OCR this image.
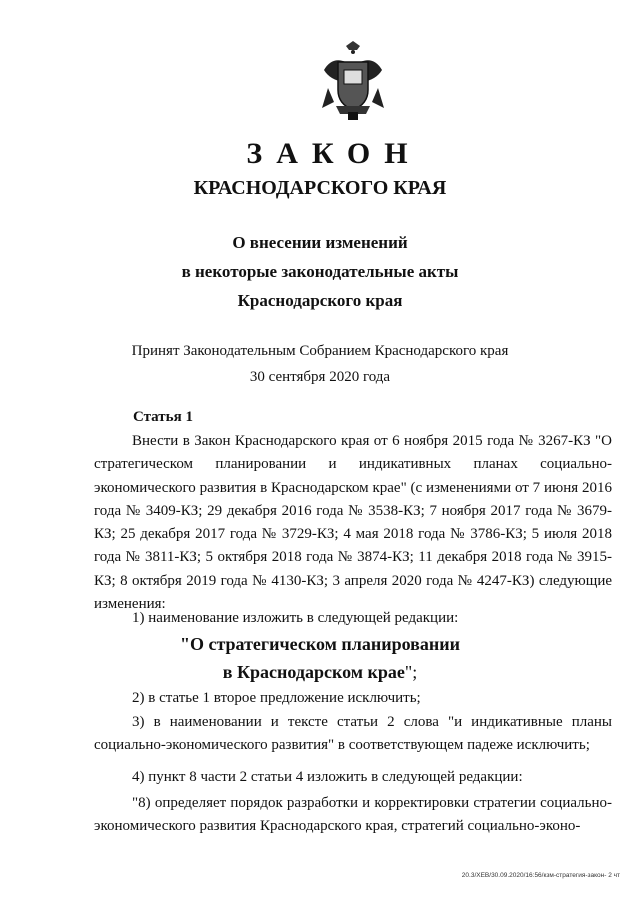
ЗАКОН
КРАСНОДАРСКОГО КРАЯ
О внесении изменений
в некоторые законодательные акты
Краснодарского края
Принят Законодательным Собранием Краснодарского края
30 сентября 2020 года
Статья 1

Внести в Закон Краснодарского края от 6 ноября 2015 года № 3267-КЗ "О стратегическом планировании и индикативных планах социально-экономического развития в Краснодарском крае" (с изменениями от 7 июня 2016 года № 3409-КЗ; 29 декабря 2016 года № 3538-КЗ; 7 ноября 2017 года № 3679-КЗ; 25 декабря 2017 года № 3729-КЗ; 4 мая 2018 года № 3786-КЗ; 5 июля 2018 года № 3811-КЗ; 5 октября 2018 года № 3874-КЗ; 11 декабря 2018 года № 3915-КЗ; 8 октября 2019 года № 4130-КЗ; 3 апреля 2020 года № 4247-КЗ) следующие изменения:

1) наименование изложить в следующей редакции:
"О стратегическом планировании
в Краснодарском крае";
2) в статье 1 второе предложение исключить;

3) в наименовании и тексте статьи 2 слова "и индикативные планы социально-экономического развития" в соответствующем падеже исключить;

4) пункт 8 части 2 статьи 4 изложить в следующей редакции:

"8) определяет порядок разработки и корректировки стратегии социально-экономического развития Краснодарского края, стратегий социально-эконо-

20.3/ХЕВ/30.09.2020/16:56/кзм-стратегия-закон- 2 чт
